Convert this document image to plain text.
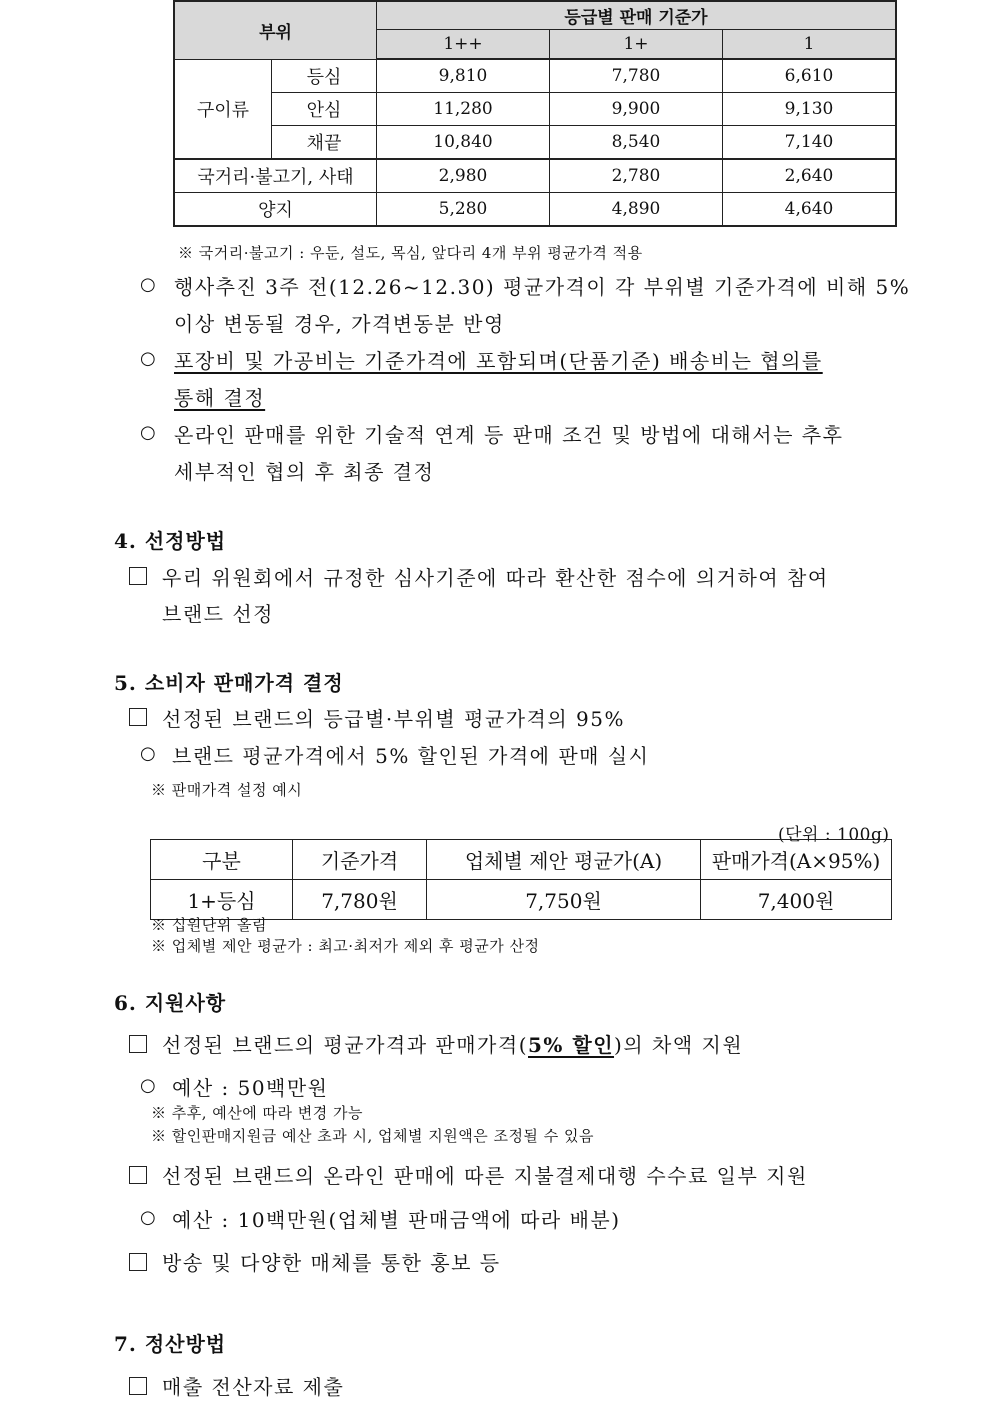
부위		등급별 판매 기준가		
		1++	1+	1
구이류	등심	9,810	7,780	6,610
	안심	11,280	9,900	9,130
	채끝	10,840	8,540	7,140
국거리·불고기, 사태		2,980	2,780	2,640
양지		5,280	4,890	4,640
※ 국거리·불고기 : 우둔, 설도, 목심, 앞다리 4개 부위 평균가격 적용
○ 행사추진 3주 전(12.26~12.30) 평균가격이 각 부위별 기준가격에 비해 5%
이상 변동될 경우, 가격변동분 반영
○ 포장비 및 가공비는 기준가격에 포함되며(단품기준) 배송비는 협의를
통해 결정
○ 온라인 판매를 위한 기술적 연계 등 판매 조건 및 방법에 대해서는 추후
세부적인 협의 후 최종 결정
4. 선정방법
우리 위원회에서 규정한 심사기준에 따라 환산한 점수에 의거하여 참여
브랜드 선정
5. 소비자 판매가격 결정
선정된 브랜드의 등급별·부위별 평균가격의 95%
○ 브랜드 평균가격에서 5% 할인된 가격에 판매 실시
※ 판매가격 설정 예시
(단위 : 100g)
구분	기준가격	업체별 제안 평균가(A)	판매가격(A×95%)
1+등심	7,780원	7,750원	7,400원
※ 십원단위 올림
※ 업체별 제안 평균가 : 최고·최저가 제외 후 평균가 산정
6. 지원사항
선정된 브랜드의 평균가격과 판매가격(5% 할인)의 차액 지원
○ 예산 : 50백만원
※ 추후, 예산에 따라 변경 가능
※ 할인판매지원금 예산 초과 시, 업체별 지원액은 조정될 수 있음
선정된 브랜드의 온라인 판매에 따른 지불결제대행 수수료 일부 지원
○ 예산 : 10백만원(업체별 판매금액에 따라 배분)
방송 및 다양한 매체를 통한 홍보 등
7. 정산방법
매출 전산자료 제출
